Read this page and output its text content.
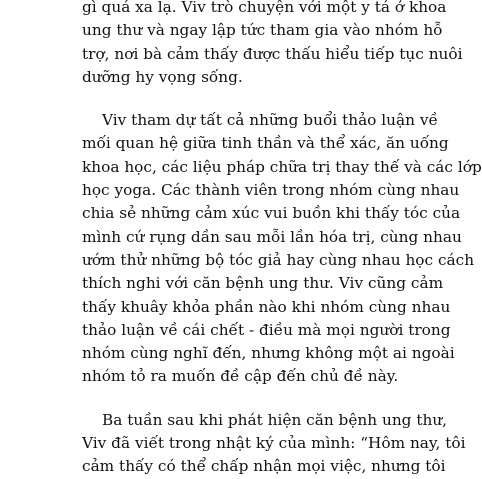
gì quá xa lạ. Viv trò chuyện với một y tá ở khoa
ung thư và ngay lập tức tham gia vào nhóm hỗ
trợ, nơi bà cảm thấy được thấu hiểu tiếp tục nuôi
dưỡng hy vọng sống.
Viv tham dự tất cả những buổi thảo luận về
mối quan hệ giữa tinh thần và thể xác, ăn uống
khoa học, các liệu pháp chữa trị thay thế và các lớp
học yoga. Các thành viên trong nhóm cùng nhau
chia sẻ những cảm xúc vui buồn khi thấy tóc của
mình cứ rụng dần sau mỗi lần hóa trị, cùng nhau
ướm thử những bộ tóc giả hay cùng nhau học cách
thích nghi với căn bệnh ung thư. Viv cũng cảm
thấy khuây khỏa phần nào khi nhóm cùng nhau
thảo luận về cái chết - điều mà mọi người trong
nhóm cùng nghĩ đến, nhưng không một ai ngoài
nhóm tỏ ra muốn đề cập đến chủ đề này.
Ba tuần sau khi phát hiện căn bệnh ung thư,
Viv đã viết trong nhật ký của mình: “Hôm nay, tôi
cảm thấy có thể chấp nhận mọi việc, nhưng tôi
